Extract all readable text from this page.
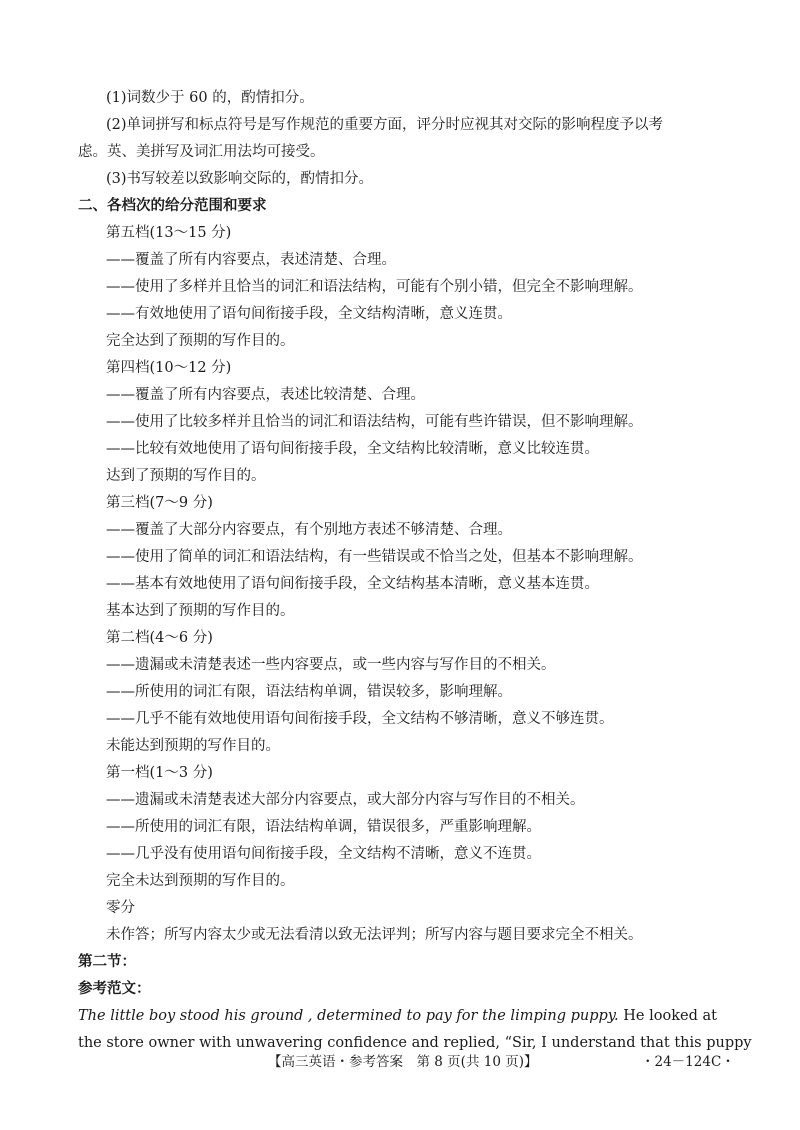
(1)词数少于 60 的，酌情扣分。
(2)单词拼写和标点符号是写作规范的重要方面，评分时应视其对交际的影响程度予以考
虑。英、美拼写及词汇用法均可接受。
(3)书写较差以致影响交际的，酌情扣分。
二、各档次的给分范围和要求
第五档(13～15 分)
——覆盖了所有内容要点，表述清楚、合理。
——使用了多样并且恰当的词汇和语法结构，可能有个别小错，但完全不影响理解。
——有效地使用了语句间衔接手段，全文结构清晰，意义连贯。
完全达到了预期的写作目的。
第四档(10～12 分)
——覆盖了所有内容要点，表述比较清楚、合理。
——使用了比较多样并且恰当的词汇和语法结构，可能有些许错误，但不影响理解。
——比较有效地使用了语句间衔接手段，全文结构比较清晰，意义比较连贯。
达到了预期的写作目的。
第三档(7～9 分)
——覆盖了大部分内容要点，有个别地方表述不够清楚、合理。
——使用了简单的词汇和语法结构，有一些错误或不恰当之处，但基本不影响理解。
——基本有效地使用了语句间衔接手段，全文结构基本清晰，意义基本连贯。
基本达到了预期的写作目的。
第二档(4～6 分)
——遗漏或未清楚表述一些内容要点，或一些内容与写作目的不相关。
——所使用的词汇有限，语法结构单调，错误较多，影响理解。
——几乎不能有效地使用语句间衔接手段，全文结构不够清晰，意义不够连贯。
未能达到预期的写作目的。
第一档(1～3 分)
——遗漏或未清楚表述大部分内容要点，或大部分内容与写作目的不相关。
——所使用的词汇有限，语法结构单调，错误很多，严重影响理解。
——几乎没有使用语句间衔接手段，全文结构不清晰，意义不连贯。
完全未达到预期的写作目的。
零分
未作答；所写内容太少或无法看清以致无法评判；所写内容与题目要求完全不相关。
第二节：
参考范文：
The little boy stood his ground , determined to pay for the limping puppy. He looked at
the store owner with unwavering confidence and replied, “Sir, I understand that this puppy
【高三英语・参考答案　第 8 页(共 10 页)】	・24－124C・
